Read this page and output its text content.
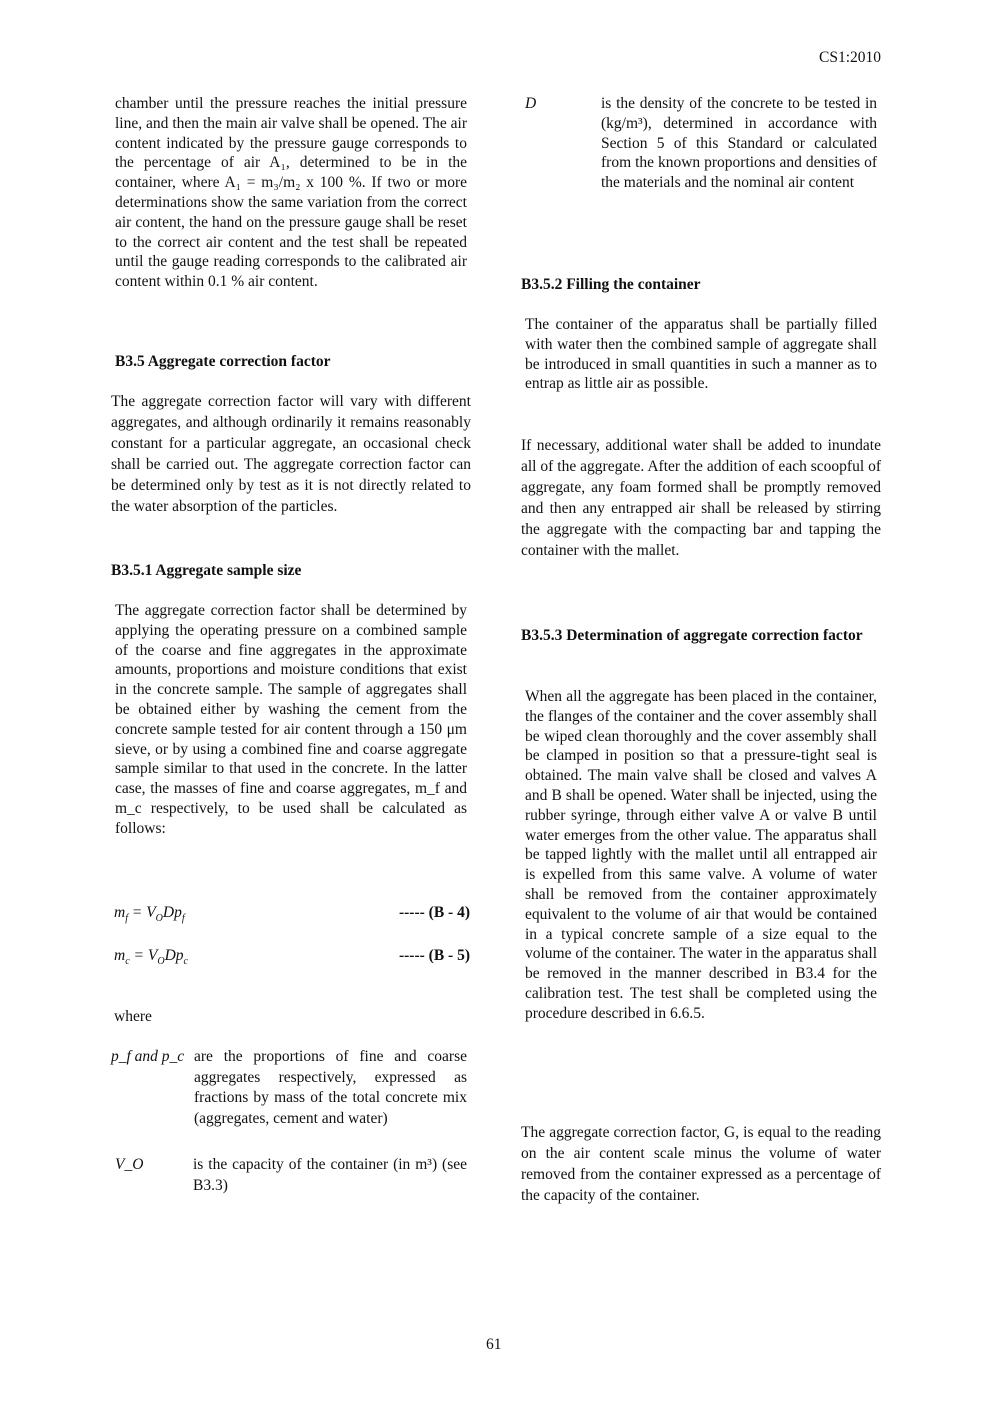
CS1:2010

chamber until the pressure reaches the initial pressure line, and then the main air valve shall be opened. The air content indicated by the pressure gauge corresponds to the percentage of air A₁, determined to be in the container, where A₁ = m₃/m₂ x 100 %. If two or more determinations show the same variation from the correct air content, the hand on the pressure gauge shall be reset to the correct air content and the test shall be repeated until the gauge reading corresponds to the calibrated air content within 0.1 % air content.

B3.5 Aggregate correction factor

The aggregate correction factor will vary with different aggregates, and although ordinarily it remains reasonably constant for a particular aggregate, an occasional check shall be carried out. The aggregate correction factor can be determined only by test as it is not directly related to the water absorption of the particles.

B3.5.1 Aggregate sample size

The aggregate correction factor shall be determined by applying the operating pressure on a combined sample of the coarse and fine aggregates in the approximate amounts, proportions and moisture conditions that exist in the concrete sample. The sample of aggregates shall be obtained either by washing the cement from the concrete sample tested for air content through a 150 μm sieve, or by using a combined fine and coarse aggregate sample similar to that used in the concrete. In the latter case, the masses of fine and coarse aggregates, m_f and m_c respectively, to be used shall be calculated as follows:

$m_f = V_ODp_f$	----- (B - 4)
$m_c = V_ODp_c$	----- (B - 5)
where
p_f and p_c are the proportions of fine and coarse aggregates respectively, expressed as fractions by mass of the total concrete mix (aggregates, cement and water)
V_O	is the capacity of the container (in m³) (see B3.3)
D	is the density of the concrete to be tested in (kg/m³), determined in accordance with Section 5 of this Standard or calculated from the known proportions and densities of the materials and the nominal air content

B3.5.2 Filling the container

The container of the apparatus shall be partially filled with water then the combined sample of aggregate shall be introduced in small quantities in such a manner as to entrap as little air as possible.

If necessary, additional water shall be added to inundate all of the aggregate. After the addition of each scoopful of aggregate, any foam formed shall be promptly removed and then any entrapped air shall be released by stirring the aggregate with the compacting bar and tapping the container with the mallet.

B3.5.3 Determination of aggregate correction factor

When all the aggregate has been placed in the container, the flanges of the container and the cover assembly shall be wiped clean thoroughly and the cover assembly shall be clamped in position so that a pressure-tight seal is obtained. The main valve shall be closed and valves A and B shall be opened. Water shall be injected, using the rubber syringe, through either valve A or valve B until water emerges from the other value. The apparatus shall be tapped lightly with the mallet until all entrapped air is expelled from this same valve. A volume of water shall be removed from the container approximately equivalent to the volume of air that would be contained in a typical concrete sample of a size equal to the volume of the container. The water in the apparatus shall be removed in the manner described in B3.4 for the calibration test. The test shall be completed using the procedure described in 6.6.5.

The aggregate correction factor, G, is equal to the reading on the air content scale minus the volume of water removed from the container expressed as a percentage of the capacity of the container.

61
